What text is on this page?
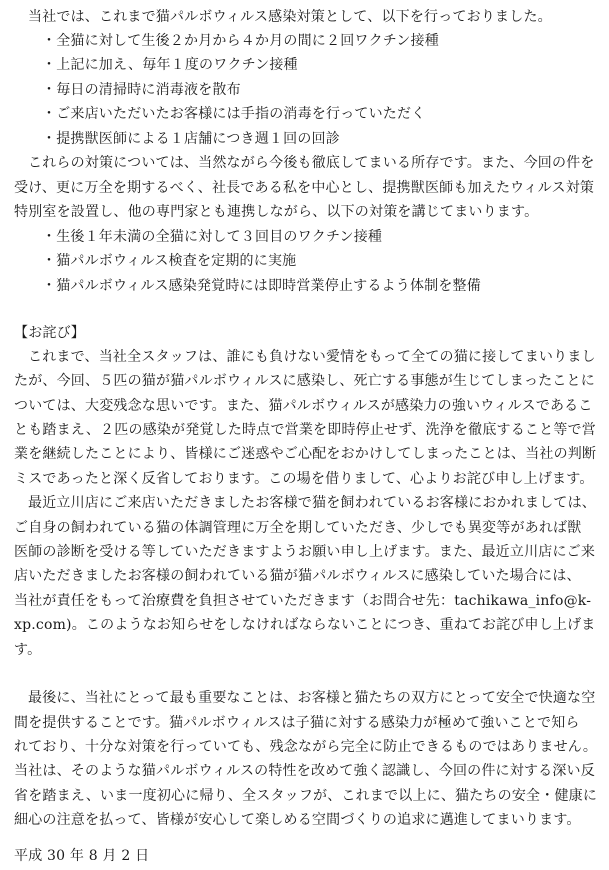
当社では、これまで猫パルボウィルス感染対策として、以下を行っておりました。
・全猫に対して生後２か月から４か月の間に２回ワクチン接種
・上記に加え、毎年１度のワクチン接種
・毎日の清掃時に消毒液を散布
・ご来店いただいたお客様には手指の消毒を行っていただく
・提携獣医師による１店舗につき週１回の回診
これらの対策については、当然ながら今後も徹底してまいる所存です。また、今回の件を
受け、更に万全を期するべく、社長である私を中心とし、提携獣医師も加えたウィルス対策
特別室を設置し、他の専門家とも連携しながら、以下の対策を講じてまいります。
・生後１年未満の全猫に対して３回目のワクチン接種
・猫パルボウィルス検査を定期的に実施
・猫パルボウィルス感染発覚時には即時営業停止するよう体制を整備
【お詫び】
これまで、当社全スタッフは、誰にも負けない愛情をもって全ての猫に接してまいりまし
たが、今回、５匹の猫が猫パルボウィルスに感染し、死亡する事態が生じてしまったことに
ついては、大変残念な思いです。また、猫パルボウィルスが感染力の強いウィルスであるこ
とも踏まえ、２匹の感染が発覚した時点で営業を即時停止せず、洗浄を徹底すること等で営
業を継続したことにより、皆様にご迷惑やご心配をおかけしてしまったことは、当社の判断
ミスであったと深く反省しております。この場を借りまして、心よりお詫び申し上げます。
最近立川店にご来店いただきましたお客様で猫を飼われているお客様におかれましては、
ご自身の飼われている猫の体調管理に万全を期していただき、少しでも異変等があれば獣
医師の診断を受ける等していただきますようお願い申し上げます。また、最近立川店にご来
店いただきましたお客様の飼われている猫が猫パルボウィルスに感染していた場合には、
当社が責任をもって治療費を負担させていただきます（お問合せ先：tachikawa_info@k-
xp.com)。このようなお知らせをしなければならないことにつき、重ねてお詫び申し上げま
す。
最後に、当社にとって最も重要なことは、お客様と猫たちの双方にとって安全で快適な空
間を提供することです。猫パルボウィルスは子猫に対する感染力が極めて強いことで知ら
れており、十分な対策を行っていても、残念ながら完全に防止できるものではありません。
当社は、そのような猫パルボウィルスの特性を改めて強く認識し、今回の件に対する深い反
省を踏まえ、いま一度初心に帰り、全スタッフが、これまで以上に、猫たちの安全・健康に
細心の注意を払って、皆様が安心して楽しめる空間づくりの追求に邁進してまいります。
平成 30 年 8 月 2 日
